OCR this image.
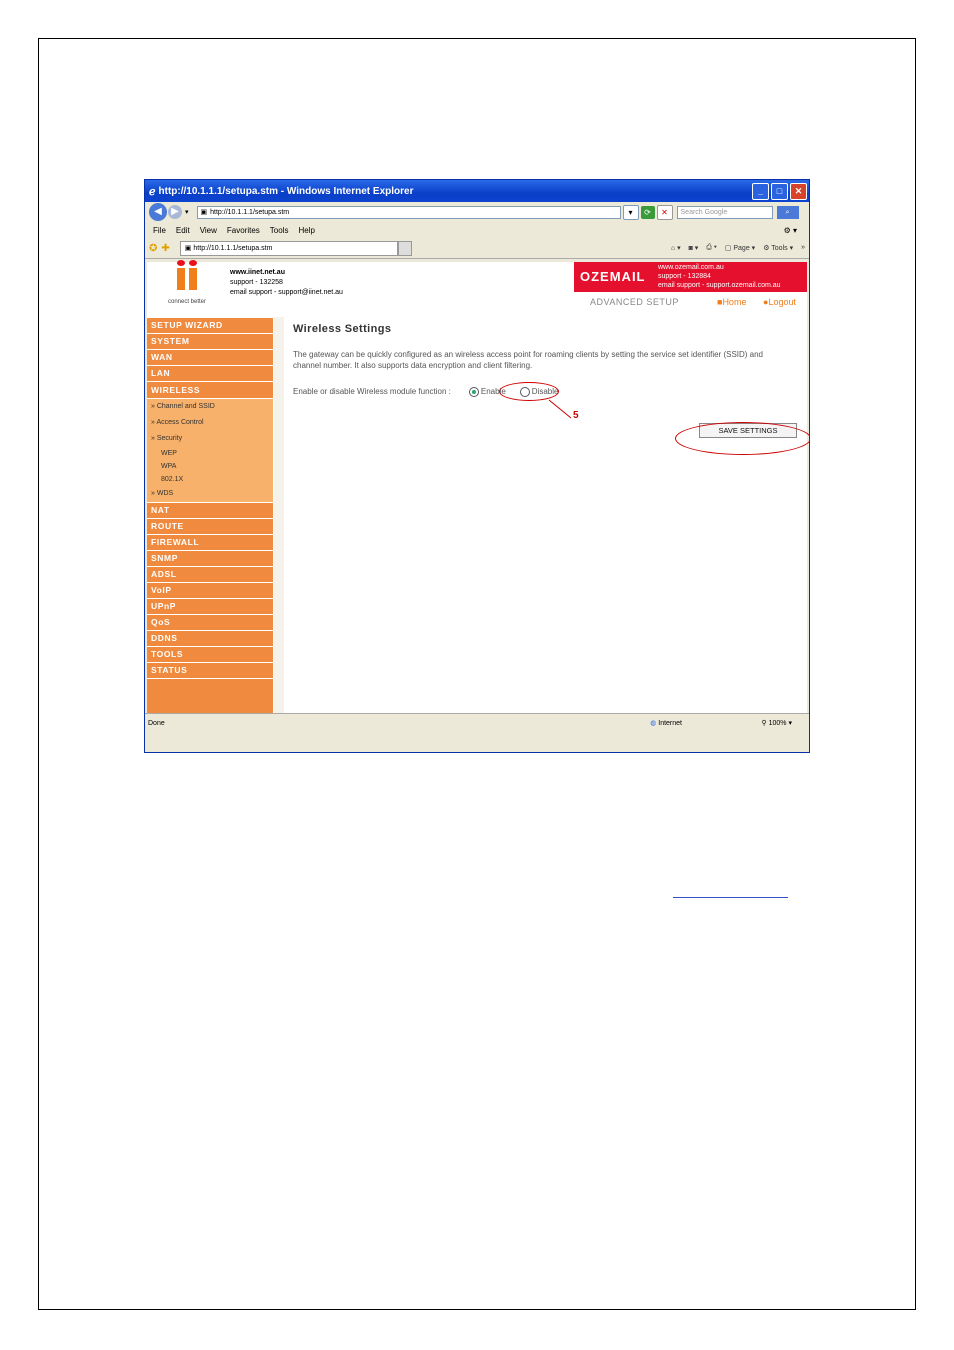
ℯ http://10.1.1.1/setupa.stm - Windows Internet Explorer	_	□	✕
◀ ▶ ▾ ▣ http://10.1.1.1/setupa.stm	▾	⟳	✕	Search Google	⌕
File Edit View Favorites Tools Help	⚙ ▾
✪ ✚ ▣ http://10.1.1.1/setupa.stm	⌂ ▾ ◙ ▾ ⎙ ▾ ▢ Page ▾ ⚙ Tools ▾ »
connect better
www.iinet.net.au
support - 132258
email support - support@iinet.net.au
OZEMAIL
www.ozemail.com.au
support - 132884
email support - support.ozemail.com.au
ADVANCED SETUP	■Home ●Logout
SETUP WIZARD
SYSTEM
WAN
LAN
WIRELESS
» Channel and SSID
» Access Control
» Security
WEP
WPA
802.1X
» WDS
NAT
ROUTE
FIREWALL
SNMP
ADSL
VoIP
UPnP
QoS
DDNS
TOOLS
STATUS
Wireless Settings
The gateway can be quickly configured as an wireless access point for roaming clients by setting the service set identifier (SSID) and channel number. It also supports data encryption and client filtering.
Enable or disable Wireless module function :	Enable	Disable
SAVE SETTINGS
5
Done	◍ Internet	⚲ 100% ▾
